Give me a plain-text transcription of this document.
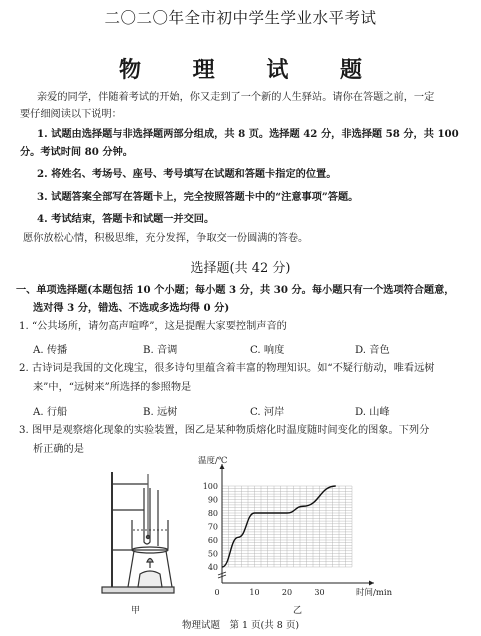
二〇二〇年全市初中学生学业水平考试
物 理 试 题
亲爱的同学，伴随着考试的开始，你又走到了一个新的人生驿站。请你在答题之前，一定
要仔细阅读以下说明：
1. 试题由选择题与非选择题两部分组成，共 8 页。选择题 42 分，非选择题 58 分，共 100
分。考试时间 80 分钟。
2. 将姓名、考场号、座号、考号填写在试题和答题卡指定的位置。
3. 试题答案全部写在答题卡上，完全按照答题卡中的“注意事项”答题。
4. 考试结束，答题卡和试题一并交回。
愿你放松心情，积极思维，充分发挥，争取交一份圆满的答卷。
选择题(共 42 分)
一、单项选择题(本题包括 10 个小题；每小题 3 分，共 30 分。每小题只有一个选项符合题意，
选对得 3 分，错选、不选或多选均得 0 分)
1. “公共场所，请勿高声喧哗”，这是提醒大家要控制声音的
A. 传播	B. 音调	C. 响度	D. 音色
2. 古诗词是我国的文化瑰宝，很多诗句里蕴含着丰富的物理知识。如“不疑行舫动，唯看远树
来”中，“远树来”所选择的参照物是
A. 行船	B. 远树	C. 河岸	D. 山峰
3. 图甲是观察熔化现象的实验装置，图乙是某种物质熔化时温度随时间变化的图象。下列分
析正确的是
甲
温度/℃
时间/min
40
50
60
70
80
90
100
0	10	20	30
乙
物理试题　第 1 页(共 8 页)
